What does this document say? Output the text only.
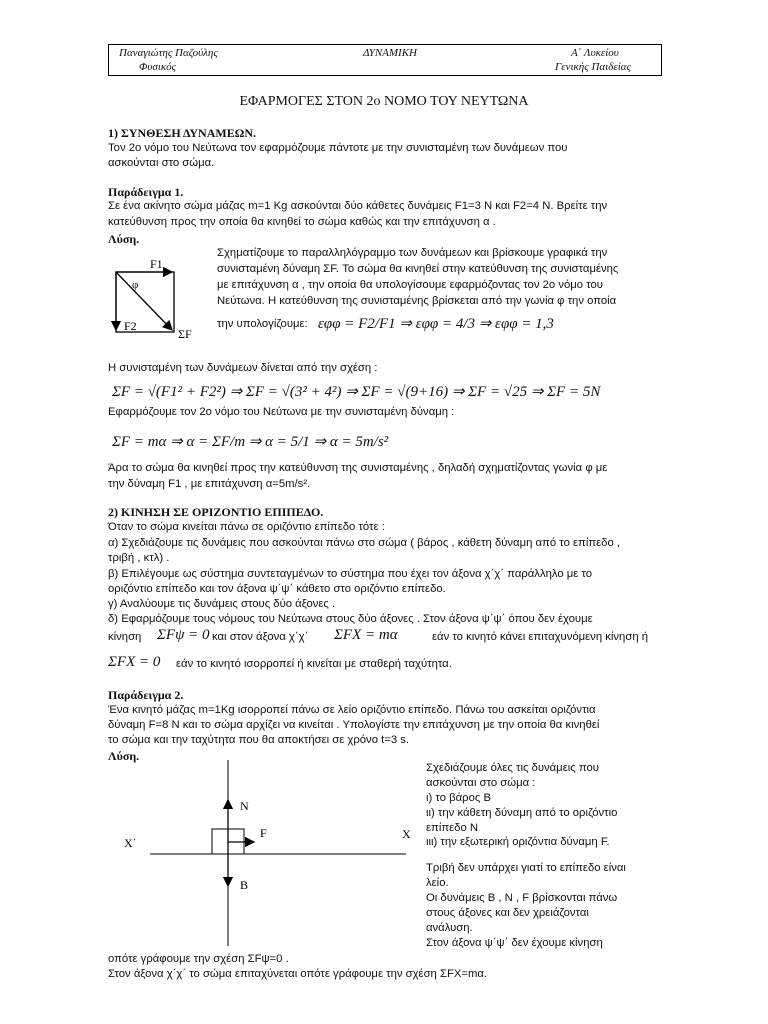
Παναγιώτης Παζούλης
Φυσικός
ΔΥΝΑΜΙΚΗ	Α΄ Λυκείου
Γενικής Παιδείας
ΕΦΑΡΜΟΓΕΣ ΣΤΟΝ 2ο ΝΟΜΟ ΤΟΥ ΝΕΥΤΩΝΑ
1) ΣΥΝΘΕΣΗ ΔΥΝΑΜΕΩΝ.
Τον 2ο νόμο του Νεύτωνα τον εφαρμόζουμε πάντοτε με την συνισταμένη των δυνάμεων που
ασκούνται στο σώμα.
Παράδειγμα 1.
Σε ένα ακίνητο σώμα μάζας m=1 Kg ασκούνται δύο κάθετες δυνάμεις F1=3 N και F2=4 N. Βρείτε την
κατεύθυνση προς την οποία θα κινηθεί το σώμα καθώς και την επιτάχυνση α .
Λύση.
F1
φ
F2
ΣF
Σχηματίζουμε το παραλληλόγραμμο των δυνάμεων και βρίσκουμε γραφικά την
συνισταμένη δύναμη ΣF. Το σώμα θα κινηθεί στην κατεύθυνση της συνισταμένης
με επιτάχυνση α , την οποία θα υπολογίσουμε εφαρμόζοντας τον 2ο νόμο του
Νεύτωνα. Η κατεύθυνση της συνισταμένης βρίσκεται από την γωνία φ την οποία
την υπολογίζουμε: εφφ = F2/F1 ⇒ εφφ = 4/3 ⇒ εφφ = 1,3
Η συνισταμένη των δυνάμεων δίνεται από την σχέση :
ΣF = √(F1² + F2²) ⇒ ΣF = √(3² + 4²) ⇒ ΣF = √(9+16) ⇒ ΣF = √25 ⇒ ΣF = 5N
Εφαρμόζουμε τον 2ο νόμο του Νεύτωνα με την συνισταμένη δύναμη :
ΣF = mα ⇒ α = ΣF/m ⇒ α = 5/1 ⇒ α = 5m/s²
Άρα το σώμα θα κινηθεί προς την κατεύθυνση της συνισταμένης , δηλαδή σχηματίζοντας γωνία φ με
την δύναμη F1 , με επιτάχυνση α=5m/s².
2) ΚΙΝΗΣΗ ΣΕ ΟΡΙΖΟΝΤΙΟ ΕΠΙΠΕΔΟ.
Όταν το σώμα κινείται πάνω σε οριζόντιο επίπεδο τότε :
α) Σχεδιάζουμε τις δυνάμεις που ασκούνται πάνω στο σώμα ( βάρος , κάθετη δύναμη από το επίπεδο ,
τριβή , κτλ) .
β) Επιλέγουμε ως σύστημα συντεταγμένων το σύστημα που έχει τον άξονα χ΄χ΄ παράλληλο με το
οριζόντιο επίπεδο και τον άξονα ψ΄ψ΄ κάθετο στο οριζόντιο επίπεδο.
γ) Αναλύουμε τις δυνάμεις στους δύο άξονες .
δ) Εφαρμόζουμε τους νόμους του Νεύτωνα στους δύο άξονες . Στον άξονα ψ΄ψ΄ όπου δεν έχουμε
κίνηση ΣFψ = 0 και στον άξονα χ΄χ΄ ΣFX = mα	εάν το κινητό κάνει επιταχυνόμενη κίνηση ή
ΣFX = 0 εάν το κινητό ισορροπεί ή κινείται με σταθερή ταχύτητα.
Παράδειγμα 2.
Ένα κινητό μάζας m=1Kg ισορροπεί πάνω σε λείο οριζόντιο επίπεδο. Πάνω του ασκείται οριζόντια
δύναμη F=8 N και το σώμα αρχίζει να κινείται . Υπολογίστε την επιτάχυνση με την οποία θα κινηθεί
το σώμα και την ταχύτητα που θα αποκτήσει σε χρόνο t=3 s.
Λύση.
N
F
B
Χ΄
Χ
Σχεδιάζουμε όλες τις δυνάμεις που
ασκούνται στο σώμα :
ι) το βάρος Β
ιι) την κάθετη δύναμη από το οριζόντιο
επίπεδο Ν
ιιι) την εξωτερική οριζόντια δύναμη F.
Τριβή δεν υπάρχει γιατί το επίπεδο είναι
λείο.
Οι δυνάμεις Β , Ν , F βρίσκονται πάνω
στους άξονες και δεν χρειάζονται
ανάλυση.
Στον άξονα ψ΄ψ΄ δεν έχουμε κίνηση
οπότε γράφουμε την σχέση ΣFψ=0 .
Στον άξονα χ΄χ΄ το σώμα επιταχύνεται οπότε γράφουμε την σχέση ΣFX=mα.
